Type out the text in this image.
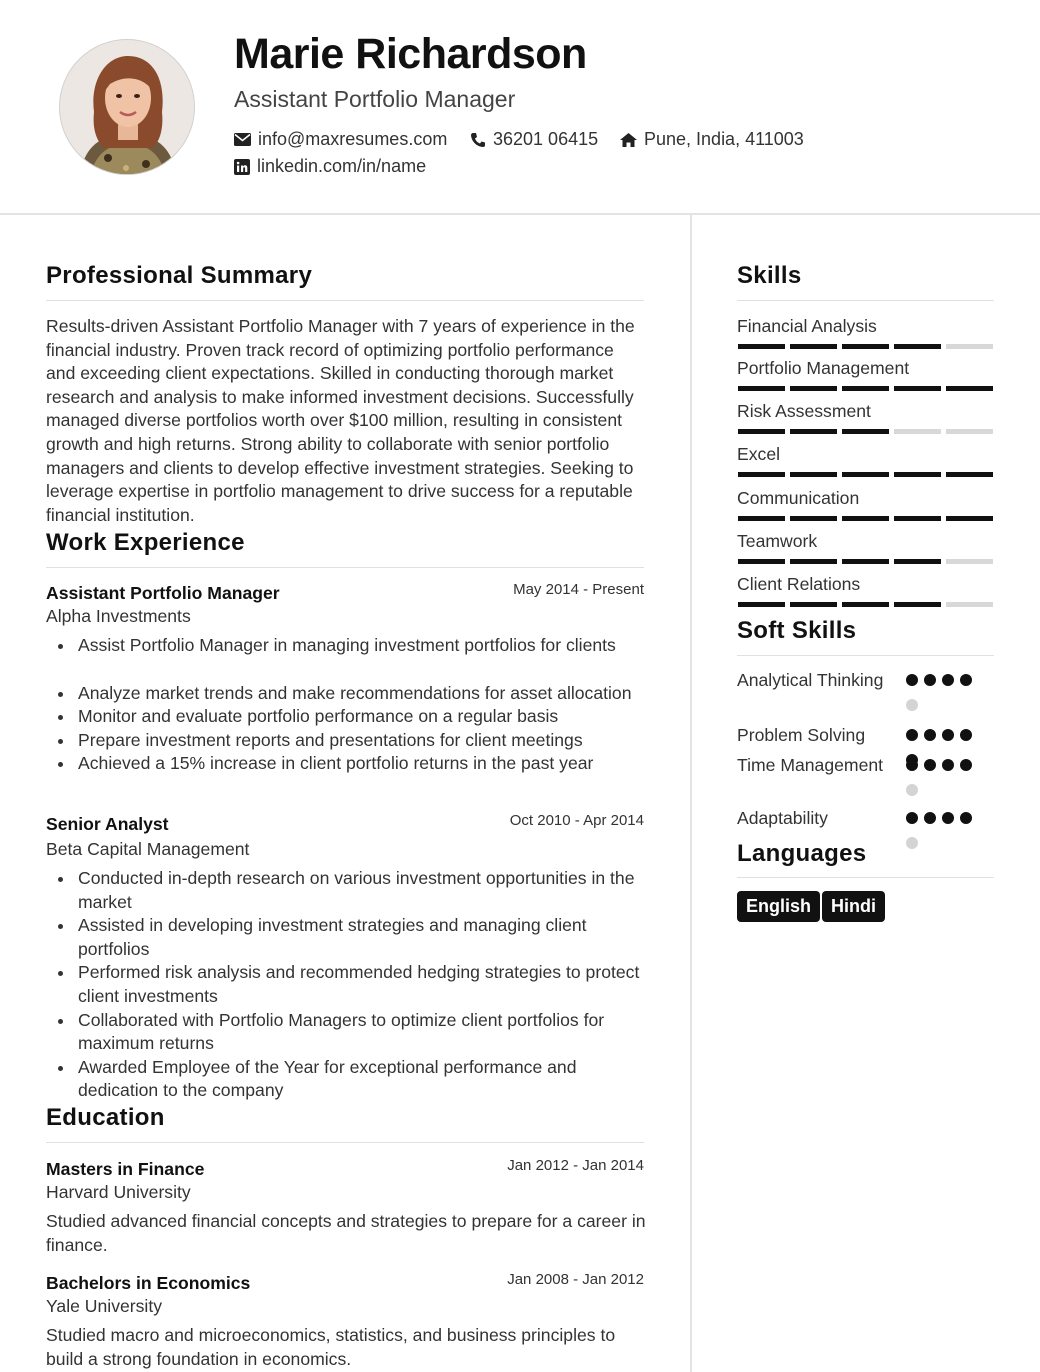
Marie Richardson
Assistant Portfolio Manager
info@maxresumes.com	36201 06415	Pune, India, 411003
linkedin.com/in/name
Professional Summary
Results-driven Assistant Portfolio Manager with 7 years of experience in the financial industry. Proven track record of optimizing portfolio performance and exceeding client expectations. Skilled in conducting thorough market research and analysis to make informed investment decisions. Successfully managed diverse portfolios worth over $100 million, resulting in consistent growth and high returns. Strong ability to collaborate with senior portfolio managers and clients to develop effective investment strategies. Seeking to leverage expertise in portfolio management to drive success for a reputable financial institution.
Work Experience
Assistant Portfolio Manager	May 2014 - Present
Alpha Investments
Assist Portfolio Manager in managing investment portfolios for clients
Analyze market trends and make recommendations for asset allocation
Monitor and evaluate portfolio performance on a regular basis
Prepare investment reports and presentations for client meetings
Achieved a 15% increase in client portfolio returns in the past year
Senior Analyst	Oct 2010 - Apr 2014
Beta Capital Management
Conducted in-depth research on various investment opportunities in the market
Assisted in developing investment strategies and managing client portfolios
Performed risk analysis and recommended hedging strategies to protect client investments
Collaborated with Portfolio Managers to optimize client portfolios for maximum returns
Awarded Employee of the Year for exceptional performance and dedication to the company
Education
Masters in Finance	Jan 2012 - Jan 2014
Harvard University
Studied advanced financial concepts and strategies to prepare for a career in finance.
Bachelors in Economics	Jan 2008 - Jan 2012
Yale University
Studied macro and microeconomics, statistics, and business principles to build a strong foundation in economics.
Skills
Financial Analysis
Portfolio Management
Risk Assessment
Excel
Communication
Teamwork
Client Relations
Soft Skills
Analytical Thinking
Problem Solving
Time Management
Adaptability
Languages
English	Hindi
